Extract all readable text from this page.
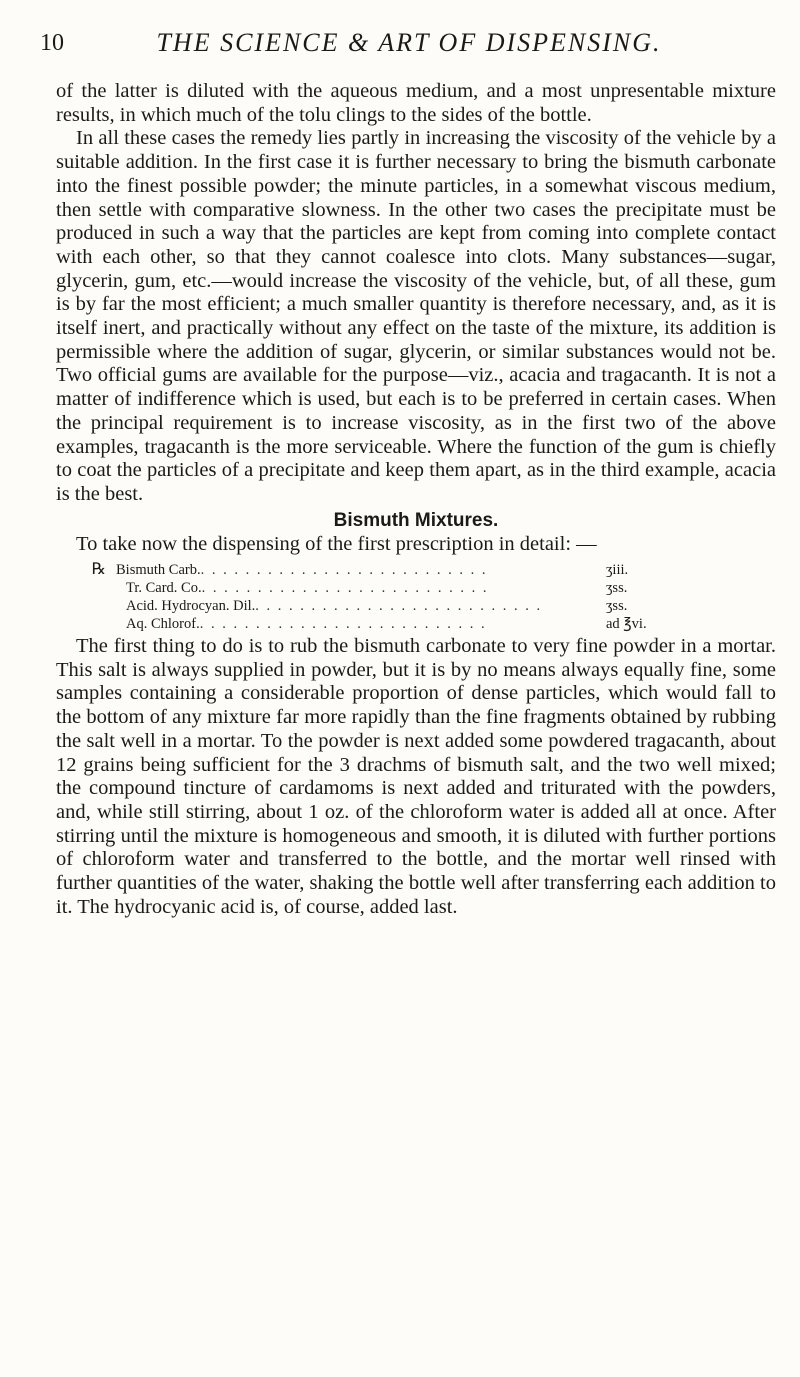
10	THE SCIENCE & ART OF DISPENSING.

of the latter is diluted with the aqueous medium, and a most unpresentable mixture results, in which much of the tolu clings to the sides of the bottle.

In all these cases the remedy lies partly in increasing the viscosity of the vehicle by a suitable addition. In the first case it is further necessary to bring the bismuth carbonate into the finest possible powder; the minute particles, in a somewhat viscous medium, then settle with comparative slowness. In the other two cases the precipitate must be produced in such a way that the particles are kept from coming into complete contact with each other, so that they cannot coalesce into clots. Many substances—sugar, glycerin, gum, etc.—would increase the viscosity of the vehicle, but, of all these, gum is by far the most efficient; a much smaller quantity is therefore necessary, and, as it is itself inert, and practically without any effect on the taste of the mixture, its addition is permissible where the addition of sugar, glycerin, or similar substances would not be. Two official gums are available for the purpose—viz., acacia and tragacanth. It is not a matter of indifference which is used, but each is to be preferred in certain cases. When the principal requirement is to increase viscosity, as in the first two of the above examples, tragacanth is the more serviceable. Where the function of the gum is chiefly to coat the particles of a precipitate and keep them apart, as in the third example, acacia is the best.

Bismuth Mixtures.

To take now the dispensing of the first prescription in detail: —

℞ Bismuth Carb. . . . . . . . . . . . . . . . . . . . . . . . . . .	ʒiii.
Tr. Card. Co. . . . . . . . . . . . . . . . . . . . . . . . . . .	ʒss.
Acid. Hydrocyan. Dil. . . . . . . . . . . . . . . . . . . . . . . . . . .	ʒss.
Aq. Chlorof. . . . . . . . . . . . . . . . . . . . . . . . . . .	ad ℥vi.

The first thing to do is to rub the bismuth carbonate to very fine powder in a mortar. This salt is always supplied in powder, but it is by no means always equally fine, some samples containing a considerable proportion of dense particles, which would fall to the bottom of any mixture far more rapidly than the fine fragments obtained by rubbing the salt well in a mortar. To the powder is next added some powdered tragacanth, about 12 grains being sufficient for the 3 drachms of bismuth salt, and the two well mixed; the compound tincture of cardamoms is next added and triturated with the powders, and, while still stirring, about 1 oz. of the chloroform water is added all at once. After stirring until the mixture is homogeneous and smooth, it is diluted with further portions of chloroform water and transferred to the bottle, and the mortar well rinsed with further quantities of the water, shaking the bottle well after transferring each addition to it. The hydrocyanic acid is, of course, added last.
